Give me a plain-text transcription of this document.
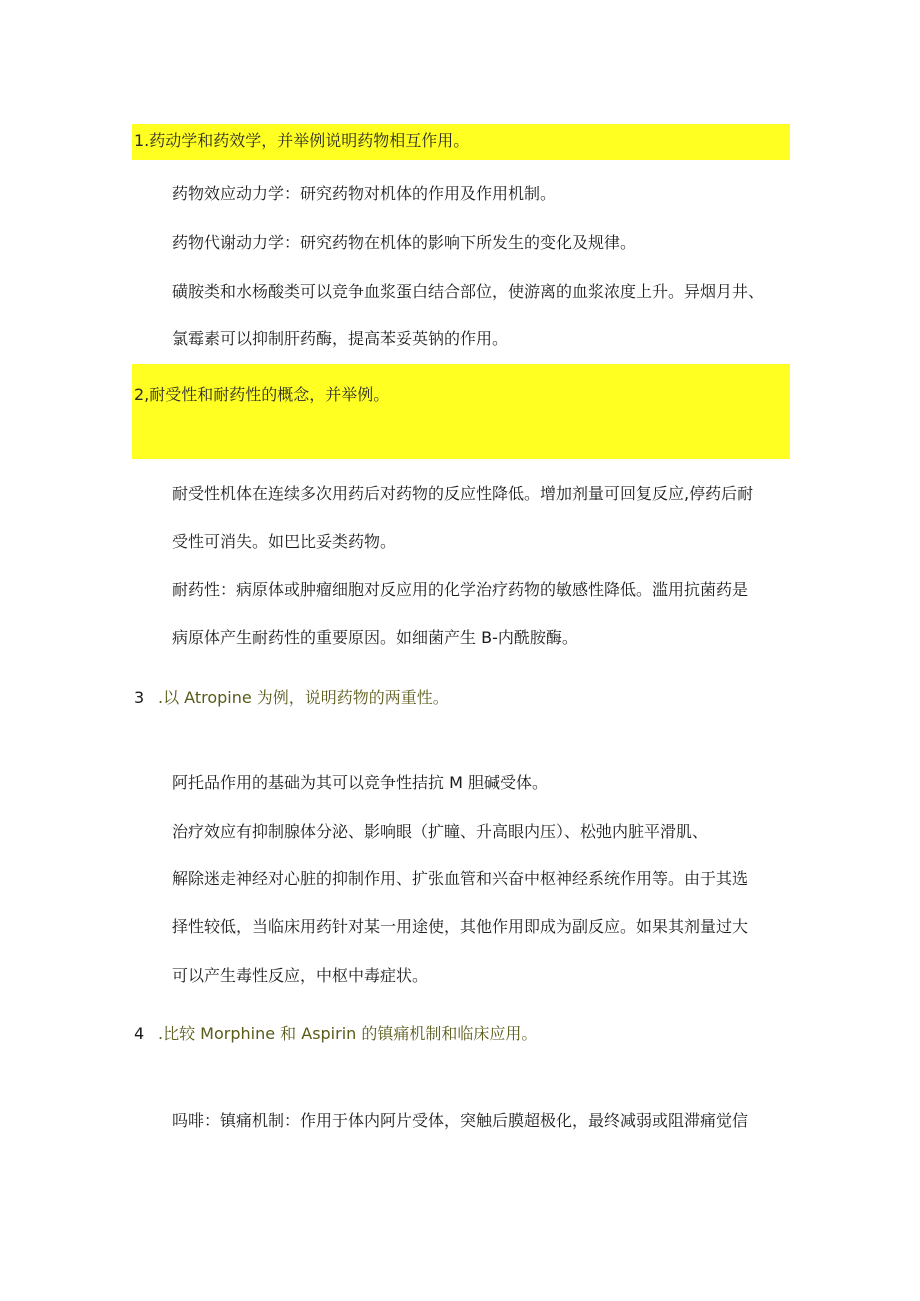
1.药动学和药效学，并举例说明药物相互作用。
药物效应动力学：研究药物对机体的作用及作用机制。
药物代谢动力学：研究药物在机体的影响下所发生的变化及规律。
磺胺类和水杨酸类可以竞争血浆蛋白结合部位，使游离的血浆浓度上升。异烟月井、
氯霉素可以抑制肝药酶，提高苯妥英钠的作用。
2,耐受性和耐药性的概念，并举例。
耐受性机体在连续多次用药后对药物的反应性降低。增加剂量可回复反应,停药后耐
受性可消失。如巴比妥类药物。
耐药性：病原体或肿瘤细胞对反应用的化学治疗药物的敏感性降低。滥用抗菌药是
病原体产生耐药性的重要原因。如细菌产生 B-内酰胺酶。
3 .以 Atropine 为例，说明药物的两重性。
阿托品作用的基础为其可以竞争性拮抗 M 胆碱受体。
治疗效应有抑制腺体分泌、影响眼（扩瞳、升高眼内压）、松弛内脏平滑肌、
解除迷走神经对心脏的抑制作用、扩张血管和兴奋中枢神经系统作用等。由于其选
择性较低，当临床用药针对某一用途使，其他作用即成为副反应。如果其剂量过大
可以产生毒性反应，中枢中毒症状。
4 .比较 Morphine 和 Aspirin 的镇痛机制和临床应用。
吗啡：镇痛机制：作用于体内阿片受体，突触后膜超极化，最终减弱或阻滞痛觉信
